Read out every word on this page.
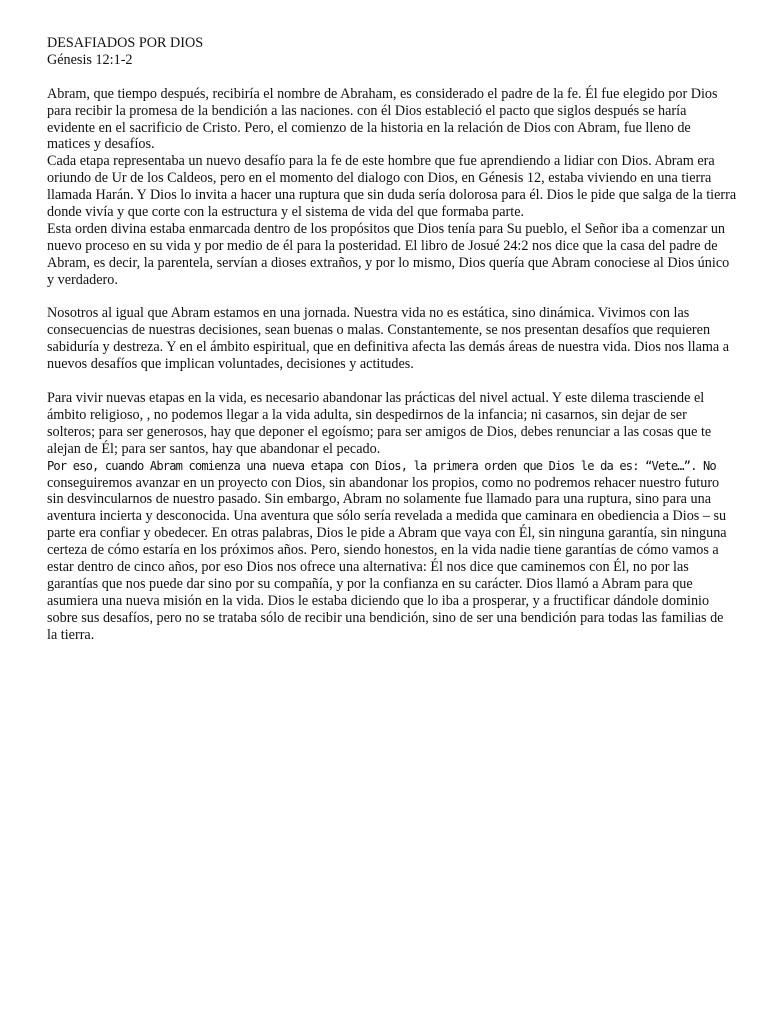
DESAFIADOS POR DIOS

Génesis 12:1-2

Abram, que tiempo después, recibiría el nombre de Abraham, es considerado el padre de la fe. Él fue elegido por Dios para recibir la promesa de la bendición a las naciones. con él Dios estableció el pacto que siglos después se haría evidente en el sacrificio de Cristo. Pero, el comienzo de la historia en la relación de Dios con Abram, fue lleno de matices y desafíos.

Cada etapa representaba un nuevo desafío para la fe de este hombre que fue aprendiendo a lidiar con Dios. Abram era oriundo de Ur de los Caldeos, pero en el momento del dialogo con Dios, en Génesis 12, estaba viviendo en una tierra llamada Harán. Y Dios lo invita a hacer una ruptura que sin duda sería dolorosa para él. Dios le pide que salga de la tierra donde vivía y que corte con la estructura y el sistema de vida del que formaba parte.

Esta orden divina estaba enmarcada dentro de los propósitos que Dios tenía para Su pueblo, el Señor iba a comenzar un nuevo proceso en su vida y por medio de él para la posteridad. El libro de Josué 24:2 nos dice que la casa del padre de Abram, es decir, la parentela, servían a dioses extraños, y por lo mismo, Dios quería que Abram conociese al Dios único y verdadero.

Nosotros al igual que Abram estamos en una jornada. Nuestra vida no es estática, sino dinámica. Vivimos con las consecuencias de nuestras decisiones, sean buenas o malas. Constantemente, se nos presentan desafíos que requieren sabiduría y destreza. Y en el ámbito espiritual, que en definitiva afecta las demás áreas de nuestra vida. Dios nos llama a nuevos desafíos que implican voluntades, decisiones y actitudes.

Para vivir nuevas etapas en la vida, es necesario abandonar las prácticas del nivel actual. Y este dilema trasciende el ámbito religioso, , no podemos llegar a la vida adulta, sin despedirnos de la infancia; ni casarnos, sin dejar de ser solteros; para ser generosos, hay que deponer el egoísmo; para ser amigos de Dios, debes renunciar a las cosas que te alejan de Él; para ser santos, hay que abandonar el pecado.

Por eso, cuando Abram comienza una nueva etapa con Dios, la primera orden que Dios le da es: “Vete…”. No conseguiremos avanzar en un proyecto con Dios, sin abandonar los propios, como no podremos rehacer nuestro futuro sin desvincularnos de nuestro pasado. Sin embargo, Abram no solamente fue llamado para una ruptura, sino para una aventura incierta y desconocida. Una aventura que sólo sería revelada a medida que caminara en obediencia a Dios – su parte era confiar y obedecer. En otras palabras, Dios le pide a Abram que vaya con Él, sin ninguna garantía, sin ninguna certeza de cómo estaría en los próximos años. Pero, siendo honestos, en la vida nadie tiene garantías de cómo vamos a estar dentro de cinco años, por eso Dios nos ofrece una alternativa: Él nos dice que caminemos con Él, no por las garantías que nos puede dar sino por su compañía, y por la confianza en su carácter. Dios llamó a Abram para que asumiera una nueva misión en la vida. Dios le estaba diciendo que lo iba a prosperar, y a fructificar dándole dominio sobre sus desafíos, pero no se trataba sólo de recibir una bendición, sino de ser una bendición para todas las familias de la tierra.
